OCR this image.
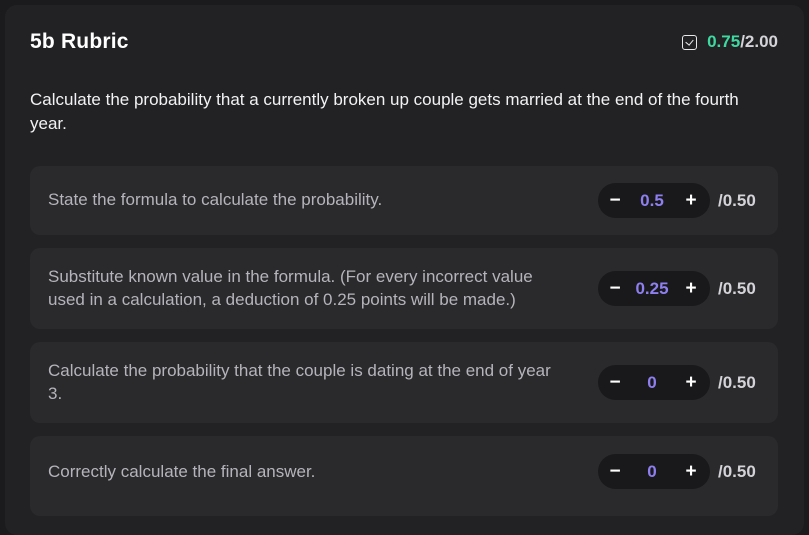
5b Rubric	0.75 /2.00
Calculate the probability that a currently broken up couple gets married at the end of the fourth year.
State the formula to calculate the probability.	−	0.5	+	/0.50
Substitute known value in the formula. (For every incorrect value used in a calculation, a deduction of 0.25 points will be made.)
− 0.25 +	/0.50
Calculate the probability that the couple is dating at the end of year 3.
−	0	+	/0.50
Correctly calculate the final answer.	−	0	+	/0.50
